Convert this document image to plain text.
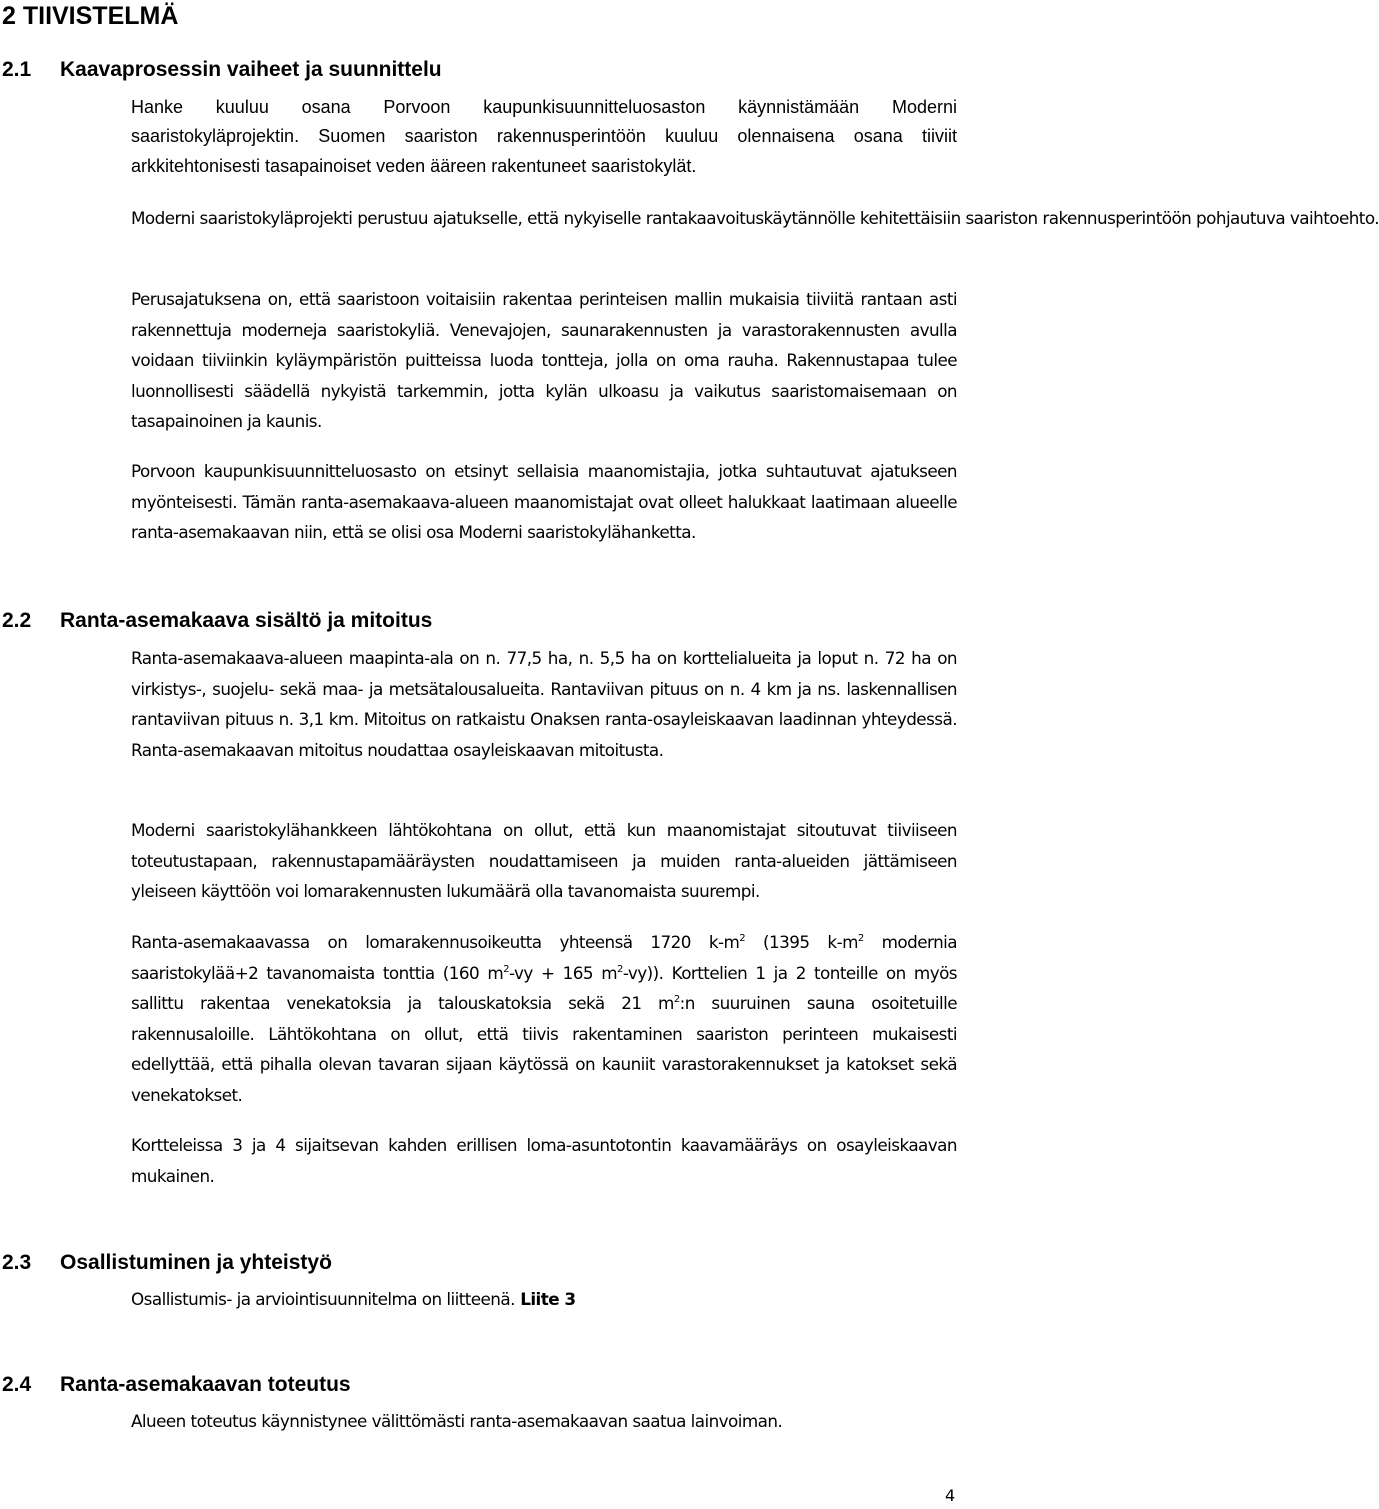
2 TIIVISTELMÄ
2.1 Kaavaprosessin vaiheet ja suunnittelu

Hanke kuuluu osana Porvoon kaupunkisuunnitteluosaston käynnistämään Moderni saaristokyläprojektin. Suomen saariston rakennusperintöön kuuluu olennaisena osana tiiviit arkkitehtonisesti tasapainoiset veden ääreen rakentuneet saaristokylät.

Moderni saaristokyläprojekti perustuu ajatukselle, että nykyiselle rantakaavoituskäytännölle kehitettäisiin saariston rakennusperintöön pohjautuva vaihtoehto.

Perusajatuksena on, että saaristoon voitaisiin rakentaa perinteisen mallin mukaisia tiiviitä rantaan asti rakennettuja moderneja saaristokyliä. Venevajojen, saunarakennusten ja varastorakennusten avulla voidaan tiiviinkin kyläympäristön puitteissa luoda tontteja, jolla on oma rauha. Rakennustapaa tulee luonnollisesti säädellä nykyistä tarkemmin, jotta kylän ulkoasu ja vaikutus saaristomaisemaan on tasapainoinen ja kaunis.

Porvoon kaupunkisuunnitteluosasto on etsinyt sellaisia maanomistajia, jotka suhtautuvat ajatukseen myönteisesti. Tämän ranta-asemakaava-alueen maanomistajat ovat olleet halukkaat laatimaan alueelle ranta-asemakaavan niin, että se olisi osa Moderni saaristokylähanketta.

2.2 Ranta-asemakaava sisältö ja mitoitus

Ranta-asemakaava-alueen maapinta-ala on n. 77,5 ha, n. 5,5 ha on korttelialueita ja loput n. 72 ha on virkistys-, suojelu- sekä maa- ja metsätalousalueita. Rantaviivan pituus on n. 4 km ja ns. laskennallisen rantaviivan pituus n. 3,1 km. Mitoitus on ratkaistu Onaksen ranta-osayleiskaavan laadinnan yhteydessä. Ranta-asemakaavan mitoitus noudattaa osayleiskaavan mitoitusta.

Moderni saaristokylähankkeen lähtökohtana on ollut, että kun maanomistajat sitoutuvat tiiviiseen toteutustapaan, rakennustapamääräysten noudattamiseen ja muiden ranta-alueiden jättämiseen yleiseen käyttöön voi lomarakennusten lukumäärä olla tavanomaista suurempi.

Ranta-asemakaavassa on lomarakennusoikeutta yhteensä 1720 $k-m^2$ (1395 $k-m^2$ modernia saaristokylää+2 tavanomaista tonttia (160 $m^2-vy + 165$ $m^2-vy$)). Korttelien 1 ja 2 tonteille on myös sallittu rakentaa venekatoksia ja talouskatoksia sekä 21 $m^2:n$ suuruinen sauna osoitetuille rakennusaloille. Lähtökohtana on ollut, että tiivis rakentaminen saariston perinteen mukaisesti edellyttää, että pihalla olevan tavaran sijaan käytössä on kauniit varastorakennukset ja katokset sekä venekatokset.

Kortteleissa 3 ja 4 sijaitsevan kahden erillisen loma-asuntotontin kaavamääräys on osayleiskaavan mukainen.

2.3 Osallistuminen ja yhteistyö

Osallistumis- ja arviointisuunnitelma on liitteenä. Liite 3

2.4 Ranta-asemakaavan toteutus

Alueen toteutus käynnistynee välittömästi ranta-asemakaavan saatua lainvoiman.

4
